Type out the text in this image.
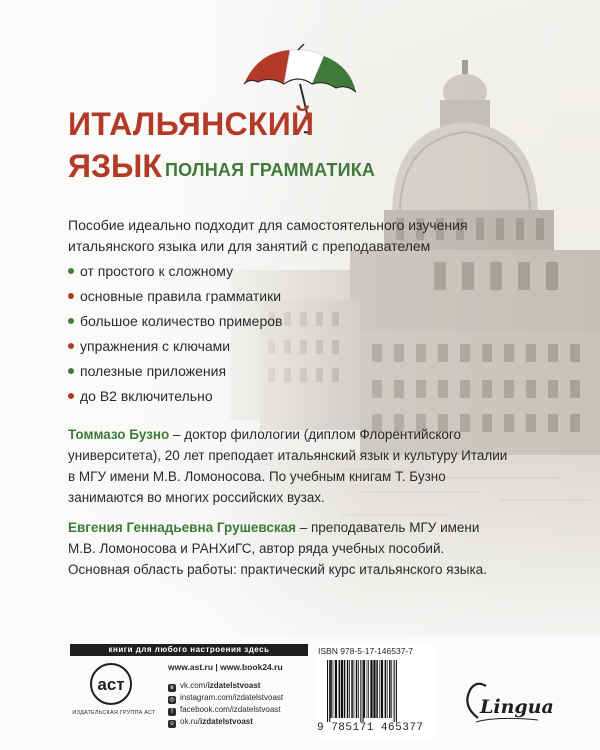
ИТАЛЬЯНСКИЙ
ЯЗЫК ПОЛНАЯ ГРАММАТИКА

Пособие идеально подходит для самостоятельного изучения итальянского языка или для занятий с преподавателем

от простого к сложному
основные правила грамматики
большое количество примеров
упражнения с ключами
полезные приложения
до В2 включительно

Томмазо Бузно – доктор филологии (диплом Флорентийского университета), 20 лет преподает итальянский язык и культуру Италии в МГУ имени М.В. Ломоносова. По учебным книгам Т. Бузно занимаются во многих российских вузах.

Евгения Геннадьевна Грушевская – преподаватель МГУ имени М.В. Ломоносова и РАНХиГС, автор ряда учебных пособий. Основная область работы: практический курс итальянского языка.

книги для любого настроения здесь
аст
ИЗДАТЕЛЬСКАЯ ГРУППА АСТ
www.ast.ru | www.book24.ru
в vk.com/izdatelstvoast
◎ instagram.com/izdatelstvoast
f facebook.com/izdatelstvoast
о ok.ru/izdatelstvoast
ISBN 978-5-17-146537-7
9 785171 465377
Lingua
